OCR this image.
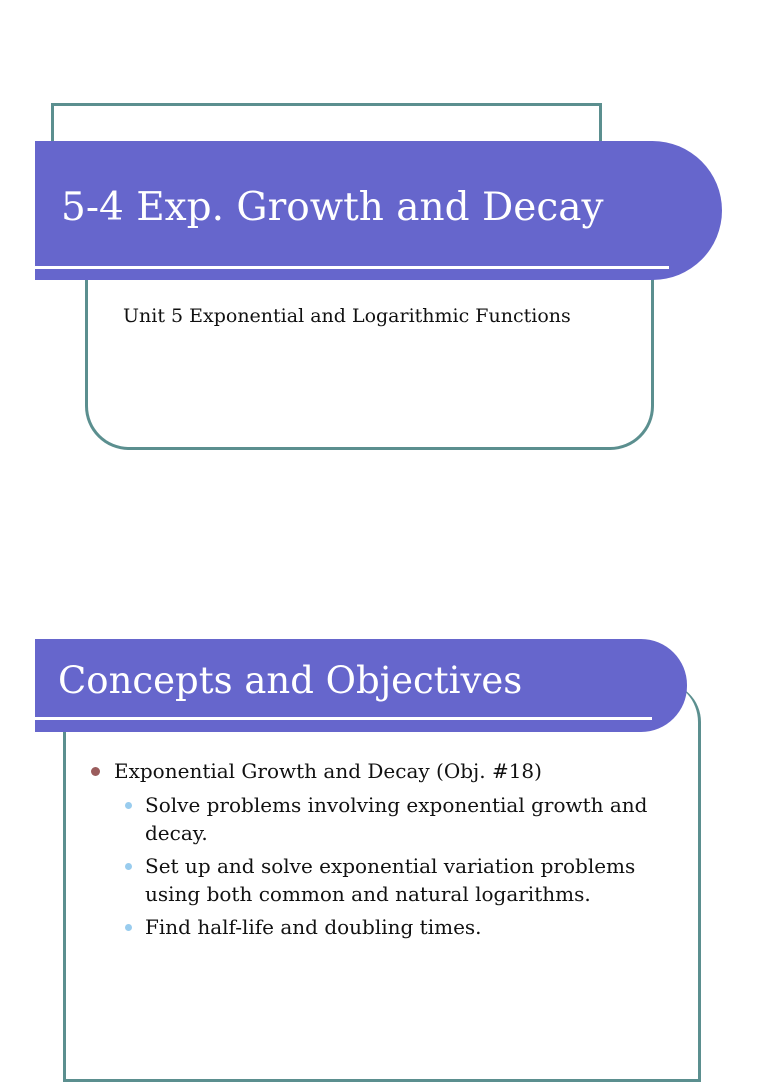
5-4 Exp. Growth and Decay
Unit 5 Exponential and Logarithmic Functions
Concepts and Objectives
Exponential Growth and Decay (Obj. #18)
Solve problems involving exponential growth and decay.
Set up and solve exponential variation problems using both common and natural logarithms.
Find half-life and doubling times.
